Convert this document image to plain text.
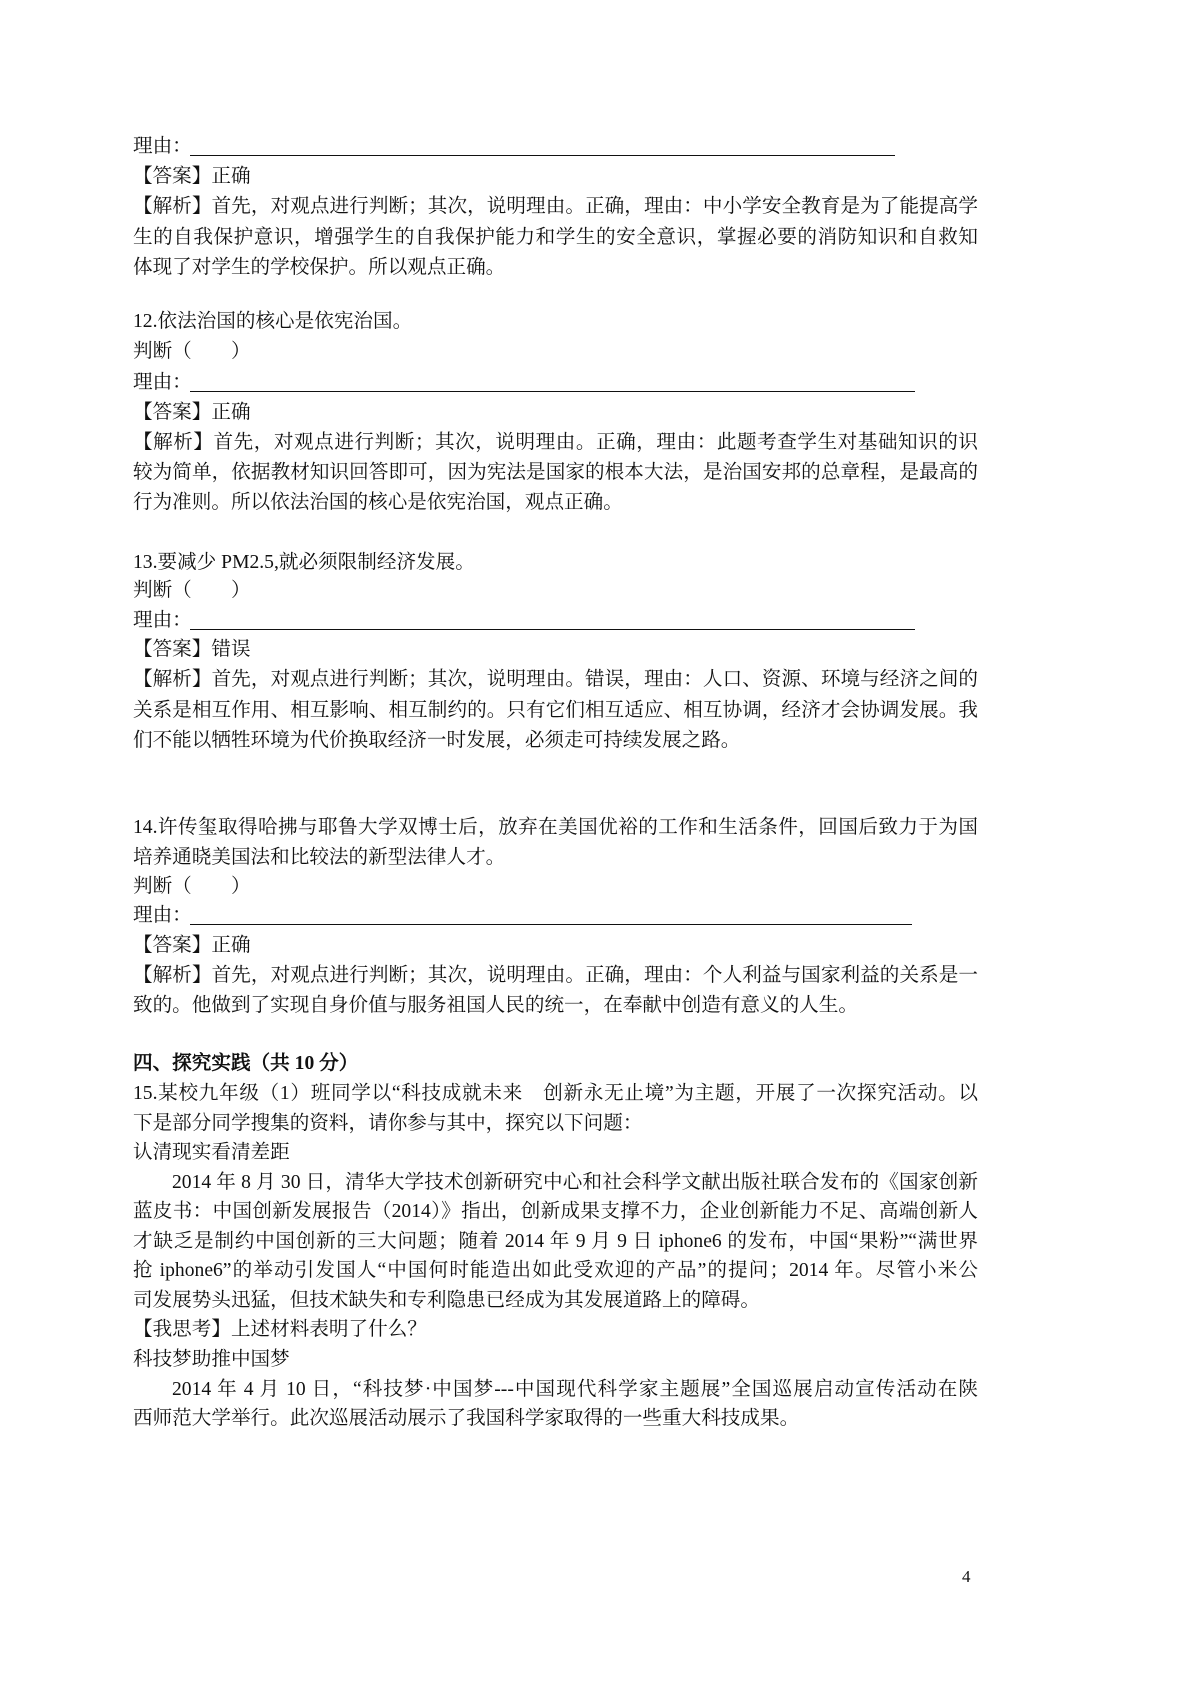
理由：
【答案】正确
【解析】首先，对观点进行判断；其次，说明理由。正确，理由：中小学安全教育是为了能提高学
生的自我保护意识，增强学生的自我保护能力和学生的安全意识，掌握必要的消防知识和自救知
体现了对学生的学校保护。所以观点正确。
12.依法治国的核心是依宪治国。
判断（　　）
理由：
【答案】正确
【解析】首先，对观点进行判断；其次，说明理由。正确，理由：此题考查学生对基础知识的识
较为简单，依据教材知识回答即可，因为宪法是国家的根本大法，是治国安邦的总章程，是最高的
行为准则。所以依法治国的核心是依宪治国，观点正确。
13.要减少 PM2.5,就必须限制经济发展。
判断（　　）
理由：
【答案】错误
【解析】首先，对观点进行判断；其次，说明理由。错误，理由：人口、资源、环境与经济之间的
关系是相互作用、相互影响、相互制约的。只有它们相互适应、相互协调，经济才会协调发展。我
们不能以牺牲环境为代价换取经济一时发展，必须走可持续发展之路。
14.许传玺取得哈拂与耶鲁大学双博士后，放弃在美国优裕的工作和生活条件，回国后致力于为国
培养通晓美国法和比较法的新型法律人才。
判断（　　）
理由：
【答案】正确
【解析】首先，对观点进行判断；其次，说明理由。正确，理由：个人利益与国家利益的关系是一
致的。他做到了实现自身价值与服务祖国人民的统一，在奉献中创造有意义的人生。
四、探究实践（共 10 分）
15.某校九年级（1）班同学以“科技成就未来　创新永无止境”为主题，开展了一次探究活动。以
下是部分同学搜集的资料，请你参与其中，探究以下问题：
认清现实看清差距
2014 年 8 月 30 日，清华大学技术创新研究中心和社会科学文献出版社联合发布的《国家创新
蓝皮书：中国创新发展报告（2014）》指出，创新成果支撑不力，企业创新能力不足、高端创新人
才缺乏是制约中国创新的三大问题；随着 2014 年 9 月 9 日 iphone6 的发布，中国“果粉”“满世界
抢 iphone6”的举动引发国人“中国何时能造出如此受欢迎的产品”的提问；2014 年。尽管小米公
司发展势头迅猛，但技术缺失和专利隐患已经成为其发展道路上的障碍。
【我思考】上述材料表明了什么？
科技梦助推中国梦
2014 年 4 月 10 日，“科技梦·中国梦---中国现代科学家主题展”全国巡展启动宣传活动在陕
西师范大学举行。此次巡展活动展示了我国科学家取得的一些重大科技成果。
4
